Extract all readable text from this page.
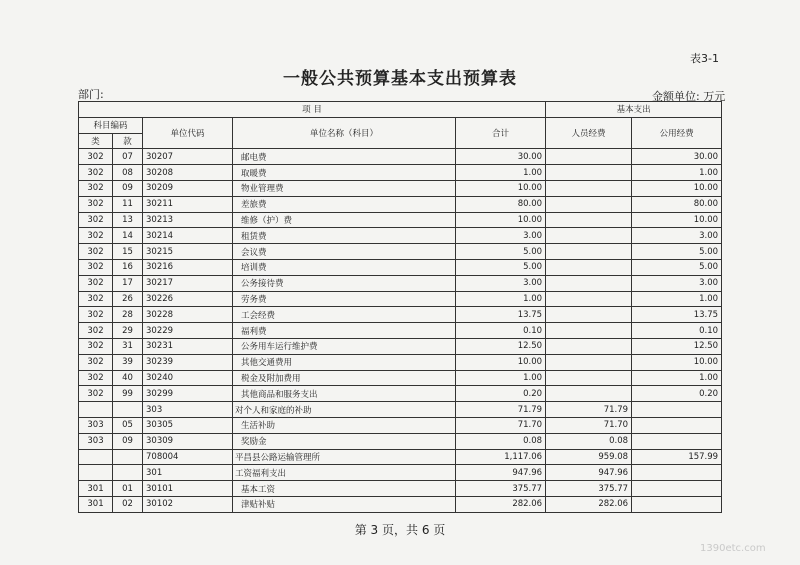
表3-1
一般公共预算基本支出预算表
部门:	金额单位: 万元
项 目					基本支出	
科目编码		单位代码	单位名称（科目）	合计	人员经费	公用经费
类	款					
302	07	30207	邮电费	30.00		30.00
302	08	30208	取暖费	1.00		1.00
302	09	30209	物业管理费	10.00		10.00
302	11	30211	差旅费	80.00		80.00
302	13	30213	维修（护）费	10.00		10.00
302	14	30214	租赁费	3.00		3.00
302	15	30215	会议费	5.00		5.00
302	16	30216	培训费	5.00		5.00
302	17	30217	公务接待费	3.00		3.00
302	26	30226	劳务费	1.00		1.00
302	28	30228	工会经费	13.75		13.75
302	29	30229	福利费	0.10		0.10
302	31	30231	公务用车运行维护费	12.50		12.50
302	39	30239	其他交通费用	10.00		10.00
302	40	30240	税金及附加费用	1.00		1.00
302	99	30299	其他商品和服务支出	0.20		0.20
		303	对个人和家庭的补助	71.79	71.79	
303	05	30305	生活补助	71.70	71.70	
303	09	30309	奖励金	0.08	0.08	
		708004	平昌县公路运输管理所	1,117.06	959.08	157.99
		301	工资福利支出	947.96	947.96	
301	01	30101	基本工资	375.77	375.77	
301	02	30102	津贴补贴	282.06	282.06	
第 3 页，共 6 页
1390etc.com
